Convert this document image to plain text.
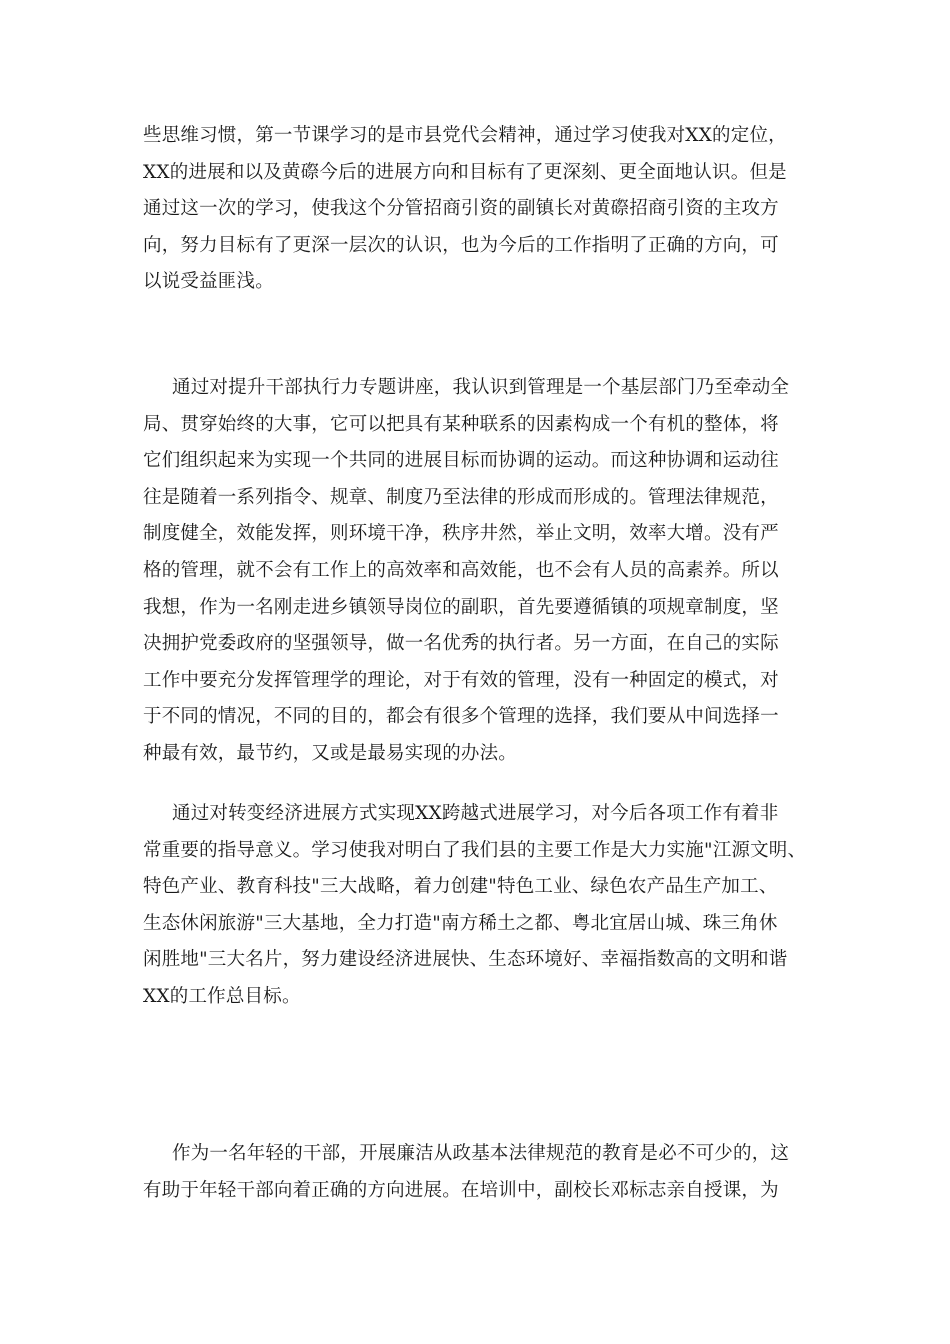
些思维习惯，第一节课学习的是市县党代会精神，通过学习使我对XX的定位，
XX的进展和以及黄磜今后的进展方向和目标有了更深刻、更全面地认识。但是
通过这一次的学习，使我这个分管招商引资的副镇长对黄磜招商引资的主攻方
向，努力目标有了更深一层次的认识，也为今后的工作指明了正确的方向，可
以说受益匪浅。
通过对提升干部执行力专题讲座，我认识到管理是一个基层部门乃至牵动全
局、贯穿始终的大事，它可以把具有某种联系的因素构成一个有机的整体，将
它们组织起来为实现一个共同的进展目标而协调的运动。而这种协调和运动往
往是随着一系列指令、规章、制度乃至法律的形成而形成的。管理法律规范，
制度健全，效能发挥，则环境干净，秩序井然，举止文明，效率大增。没有严
格的管理，就不会有工作上的高效率和高效能，也不会有人员的高素养。所以
我想，作为一名刚走进乡镇领导岗位的副职，首先要遵循镇的项规章制度，坚
决拥护党委政府的坚强领导，做一名优秀的执行者。另一方面，在自己的实际
工作中要充分发挥管理学的理论，对于有效的管理，没有一种固定的模式，对
于不同的情况，不同的目的，都会有很多个管理的选择，我们要从中间选择一
种最有效，最节约，又或是最易实现的办法。
通过对转变经济进展方式实现XX跨越式进展学习，对今后各项工作有着非
常重要的指导意义。学习使我对明白了我们县的主要工作是大力实施"江源文明、
特色产业、教育科技"三大战略，着力创建"特色工业、绿色农产品生产加工、
生态休闲旅游"三大基地，全力打造"南方稀土之都、粤北宜居山城、珠三角休
闲胜地"三大名片，努力建设经济进展快、生态环境好、幸福指数高的文明和谐
XX的工作总目标。
作为一名年轻的干部，开展廉洁从政基本法律规范的教育是必不可少的，这
有助于年轻干部向着正确的方向进展。在培训中，副校长邓标志亲自授课，为
